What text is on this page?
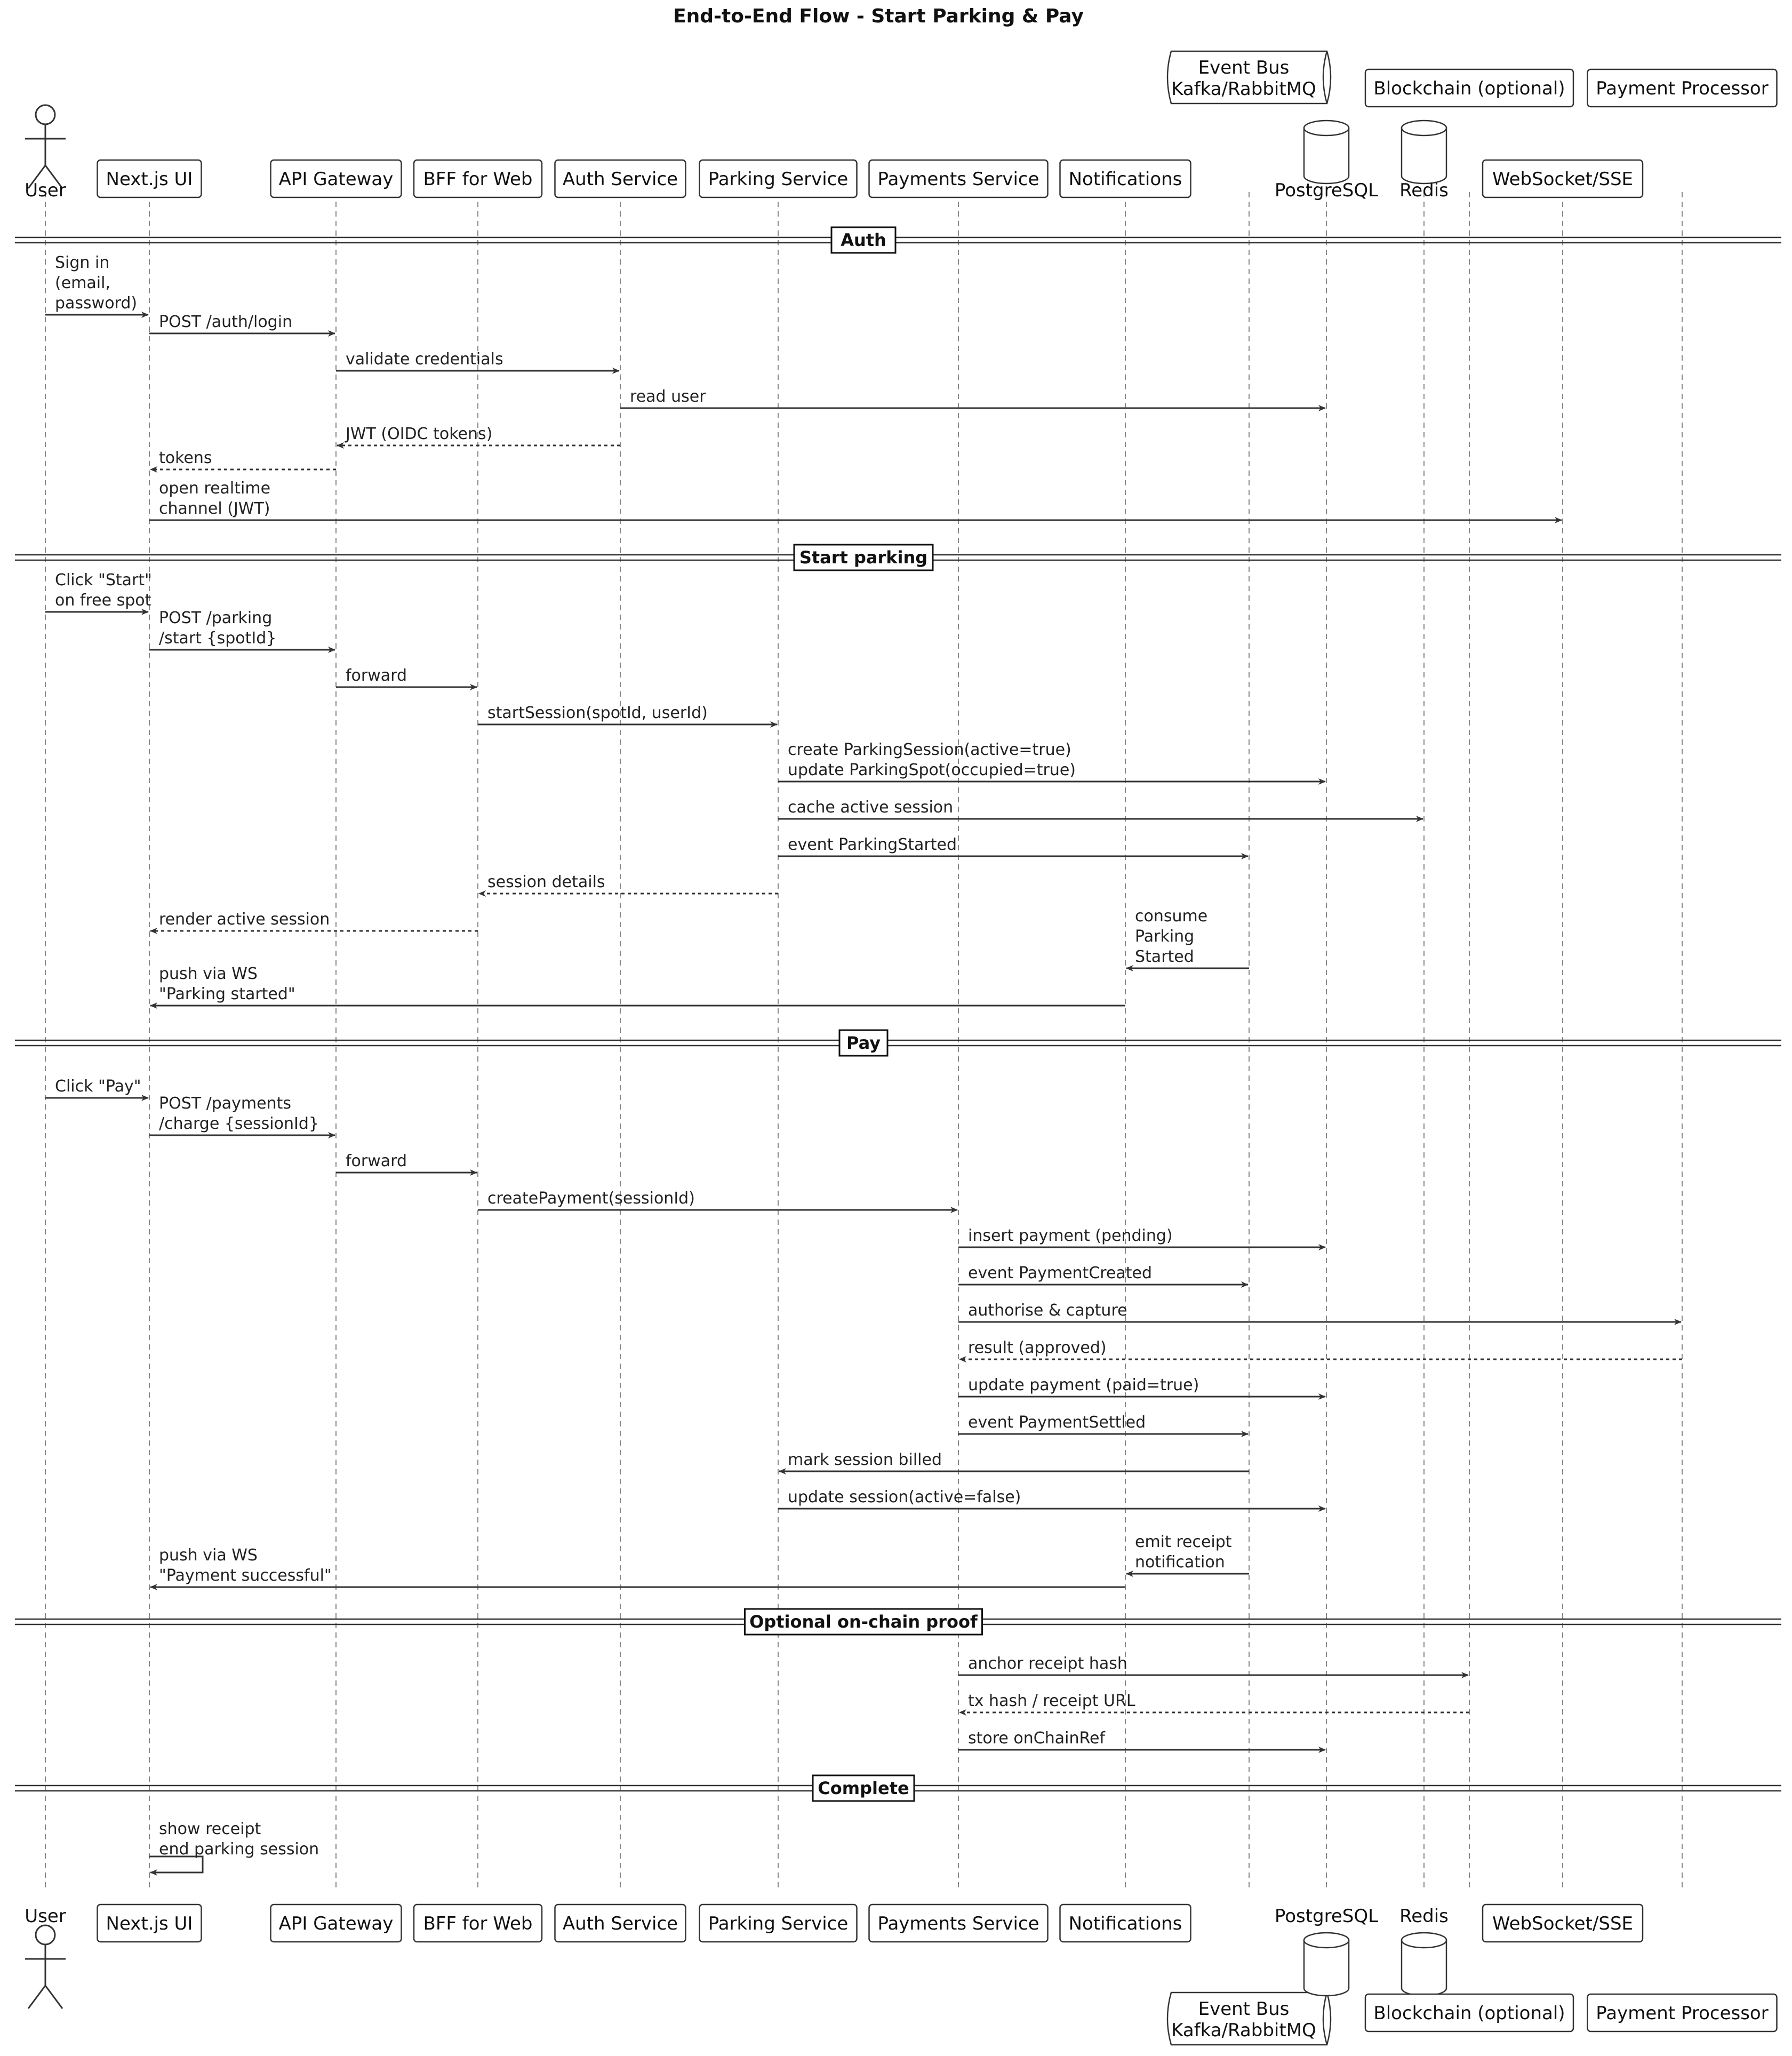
End-to-End Flow - Start Parking & Pay
User
Next.js UI	API Gateway BFF for Web Auth Service Parking Service Payments Service Notifications
Event Bus Kafka/RabbitMQ
PostgreSQL Redis
Blockchain (optional)
WebSocket/SSE
Payment Processor
User Next.js UI	API Gateway BFF for Web Auth Service Parking Service Payments Service Notifications
Event Bus Kafka/RabbitMQ
PostgreSQL Redis
Blockchain (optional)
WebSocket/SSE
Payment Processor
Auth
Start parking
Pay
Optional on-chain proof
Complete
Sign in (email, password)
POST /auth/login
validate credentials
read user
JWT (OIDC tokens)
tokens
open realtime channel (JWT)
Click "Start" on free spot
POST /parking /start {spotId}
forward
startSession(spotId, userId)
create ParkingSession(active=true) update ParkingSpot(occupied=true)
cache active session
event ParkingStarted
session details
render active session	consume Parking Started
push via WS "Parking started"
Click "Pay"
POST /payments /charge {sessionId}
forward
createPayment(sessionId)
insert payment (pending)
event PaymentCreated
authorise & capture
result (approved)
update payment (paid=true)
event PaymentSettled
mark session billed
update session(active=false)
emit receipt notification
push via WS "Payment successful"
anchor receipt hash
tx hash / receipt URL
store onChainRef
show receipt end parking session
